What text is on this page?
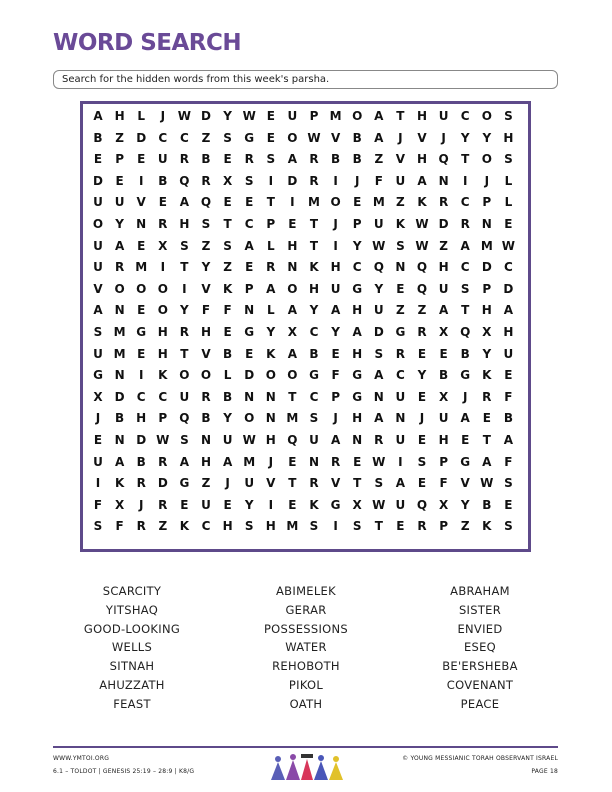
WORD SEARCH
Search for the hidden words from this week's parsha.
A H	L	J	W D	Y W E	U	P M O A	T	H U	C	O	S
B	Z	D	C	C	Z	S	G	E	O W V	B	A	J	V	J	Y	Y	H
E	P	E	U	R	B	E	R	S	A	R	B	B	Z	V H Q	T	O	S
D	E	I	B Q R	X	S	I	D	R	I	J	F	U	A N	I	J	L
U U	V	E	A Q	E	E	T	I	M O	E M Z	K	R	C	P	L
O	Y	N R H	S	T	C	P	E	T	J	P	U	K W D R N	E
U	A	E	X	S	Z	S	A	L	H	T	I	Y W S W Z	A M W
U	R M	I	T	Y	Z	E	R N K H	C	Q N Q H	C	D	C
V O O O	I	V	K	P	A O H U G	Y	E	Q U	S	P	D
A N	E	O	Y	F	F	N	L	A	Y	A H U	Z	Z	A	T	H A
S M G H R H	E	G	Y	X	C	Y	A D G	R	X Q X H
U M E	H	T	V	B	E	K	A	B	E	H	S	R	E	E	B	Y	U
G N	I	K O O	L	D O O G	F	G	A	C	Y	B	G	K	E
X D	C	C	U	R	B N N	T	C	P	G N U	E	X	J	R	F
J	B H	P	Q B	Y	O N M S	J	H A N	J	U	A	E	B
E	N D W S	N U W H Q U	A N R	U	E	H	E	T	A
U	A	B	R	A H A M	J	E	N R	E W	I	S	P	G	A	F
I	K	R	D G	Z	J	U	V	T	R	V	T	S	A	E	F	V W S
F	X	J	R	E	U	E	Y	I	E	K	G	X W U Q X	Y	B	E
S	F	R	Z	K	C	H	S	H M S	I	S	T	E	R	P	Z	K	S
SCARCITY
YITSHAQ
GOOD-LOOKING
WELLS
SITNAH
AHUZZATH
FEAST
ABIMELEK
GERAR
POSSESSIONS
WATER
REHOBOTH
PIKOL
OATH
ABRAHAM
SISTER
ENVIED
ESEQ
BE'ERSHEBA
COVENANT
PEACE
WWW.YMTOI.ORG
6.1 – TOLDOT | GENESIS 25:19 – 28:9 | K8/G
© YOUNG MESSIANIC TORAH OBSERVANT ISRAEL
PAGE 18
